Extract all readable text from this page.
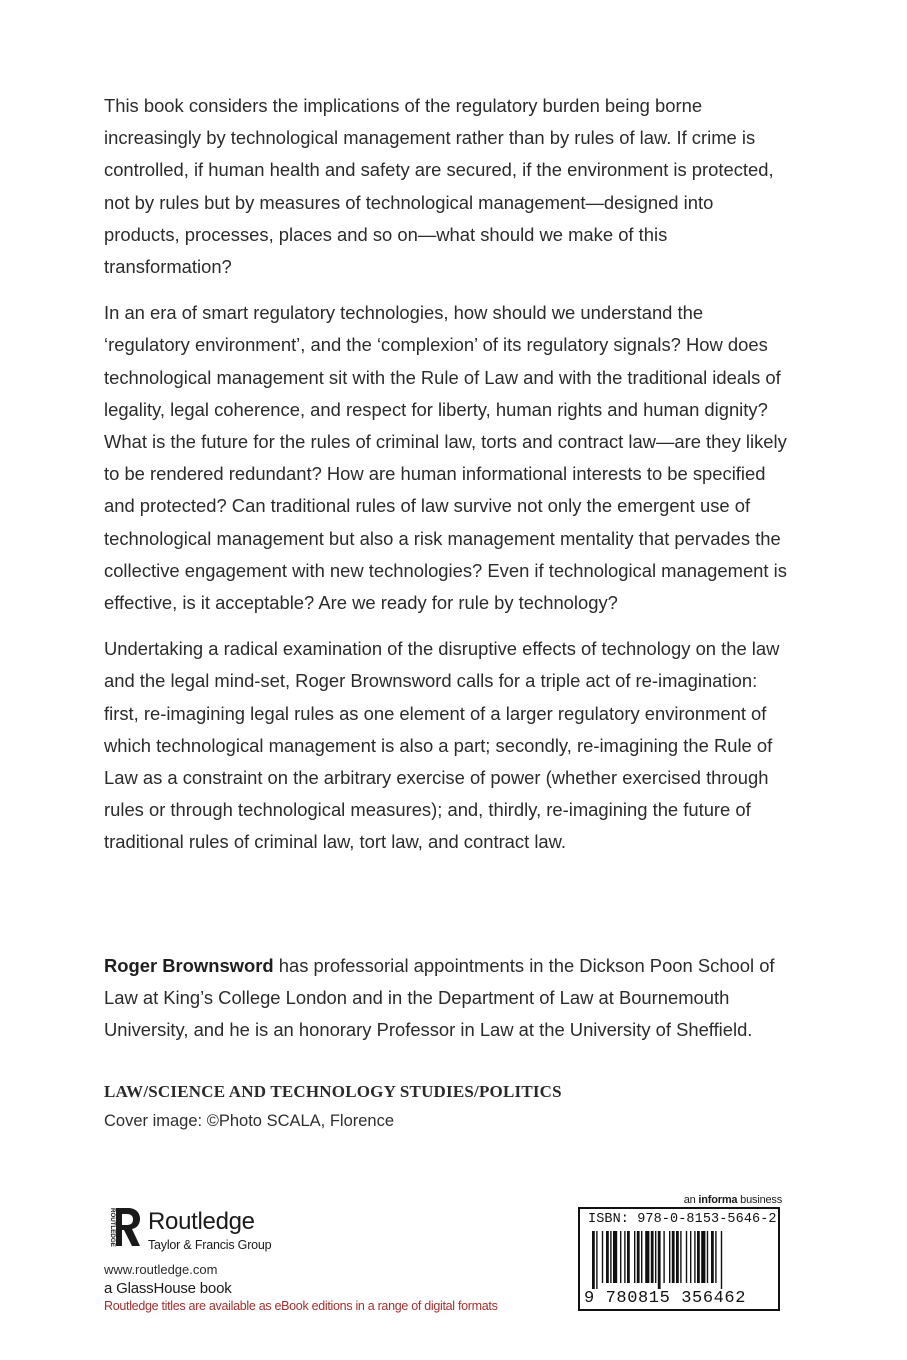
This book considers the implications of the regulatory burden being borne increasingly by technological management rather than by rules of law. If crime is controlled, if human health and safety are secured, if the environment is protected, not by rules but by measures of technological management—designed into products, processes, places and so on—what should we make of this transformation?

In an era of smart regulatory technologies, how should we understand the ‘regulatory environment’, and the ‘complexion’ of its regulatory signals? How does technological management sit with the Rule of Law and with the traditional ideals of legality, legal coherence, and respect for liberty, human rights and human dignity? What is the future for the rules of criminal law, torts and contract law—are they likely to be rendered redundant? How are human informational interests to be specified and protected? Can traditional rules of law survive not only the emergent use of technological management but also a risk management mentality that pervades the collective engagement with new technologies? Even if technological management is effective, is it acceptable? Are we ready for rule by technology?

Undertaking a radical examination of the disruptive effects of technology on the law and the legal mind-set, Roger Brownsword calls for a triple act of re-imagination: first, re-imagining legal rules as one element of a larger regulatory environment of which technological management is also a part; secondly, re-imagining the Rule of Law as a constraint on the arbitrary exercise of power (whether exercised through rules or through technological measures); and, thirdly, re-imagining the future of traditional rules of criminal law, tort law, and contract law.

Roger Brownsword has professorial appointments in the Dickson Poon School of Law at King’s College London and in the Department of Law at Bournemouth University, and he is an honorary Professor in Law at the University of Sheffield.

LAW/SCIENCE AND TECHNOLOGY STUDIES/POLITICS
Cover image: ©Photo SCALA, Florence
ROUTLEDGE Routledge
Taylor & Francis Group
www.routledge.com
a GlassHouse book
Routledge titles are available as eBook editions in a range of digital formats
an informa business
ISBN: 978-0-8153-5646-2
9 780815 356462
